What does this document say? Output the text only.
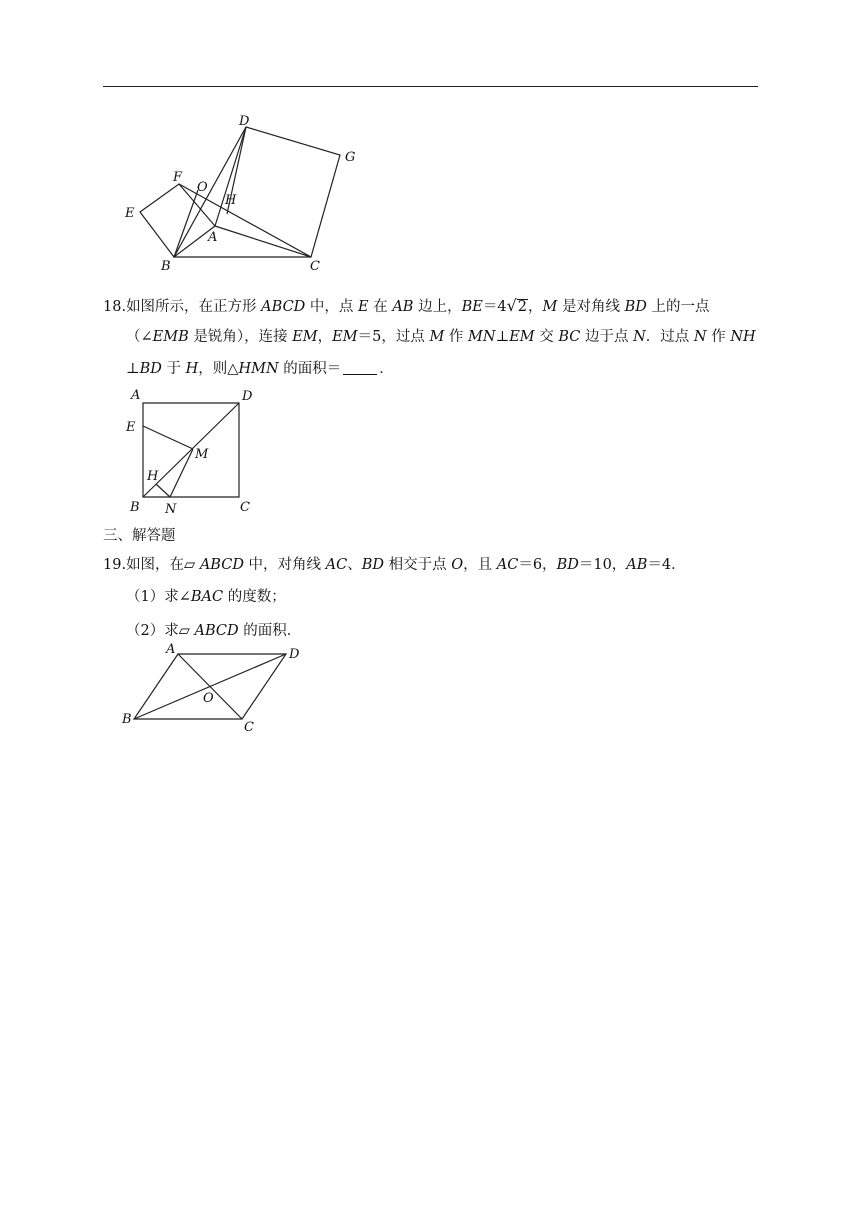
D
G
F
O
H
E
A
B	C
18.如图所示，在正方形 ABCD 中，点 E 在 AB 边上，BE＝4√2，M 是对角线 BD 上的一点
（∠EMB 是锐角），连接 EM，EM＝5，过点 M 作 MN⊥EM 交 BC 边于点 N．过点 N 作 NH
⊥BD 于 H，则△HMN 的面积＝	．
A	D
E
M
H
B N	C
三、解答题
19.如图，在▱ ABCD 中，对角线 AC、BD 相交于点 O，且 AC＝6，BD＝10，AB＝4．
（1）求∠BAC 的度数；
（2）求▱ ABCD 的面积．
A	D
O
B
C
